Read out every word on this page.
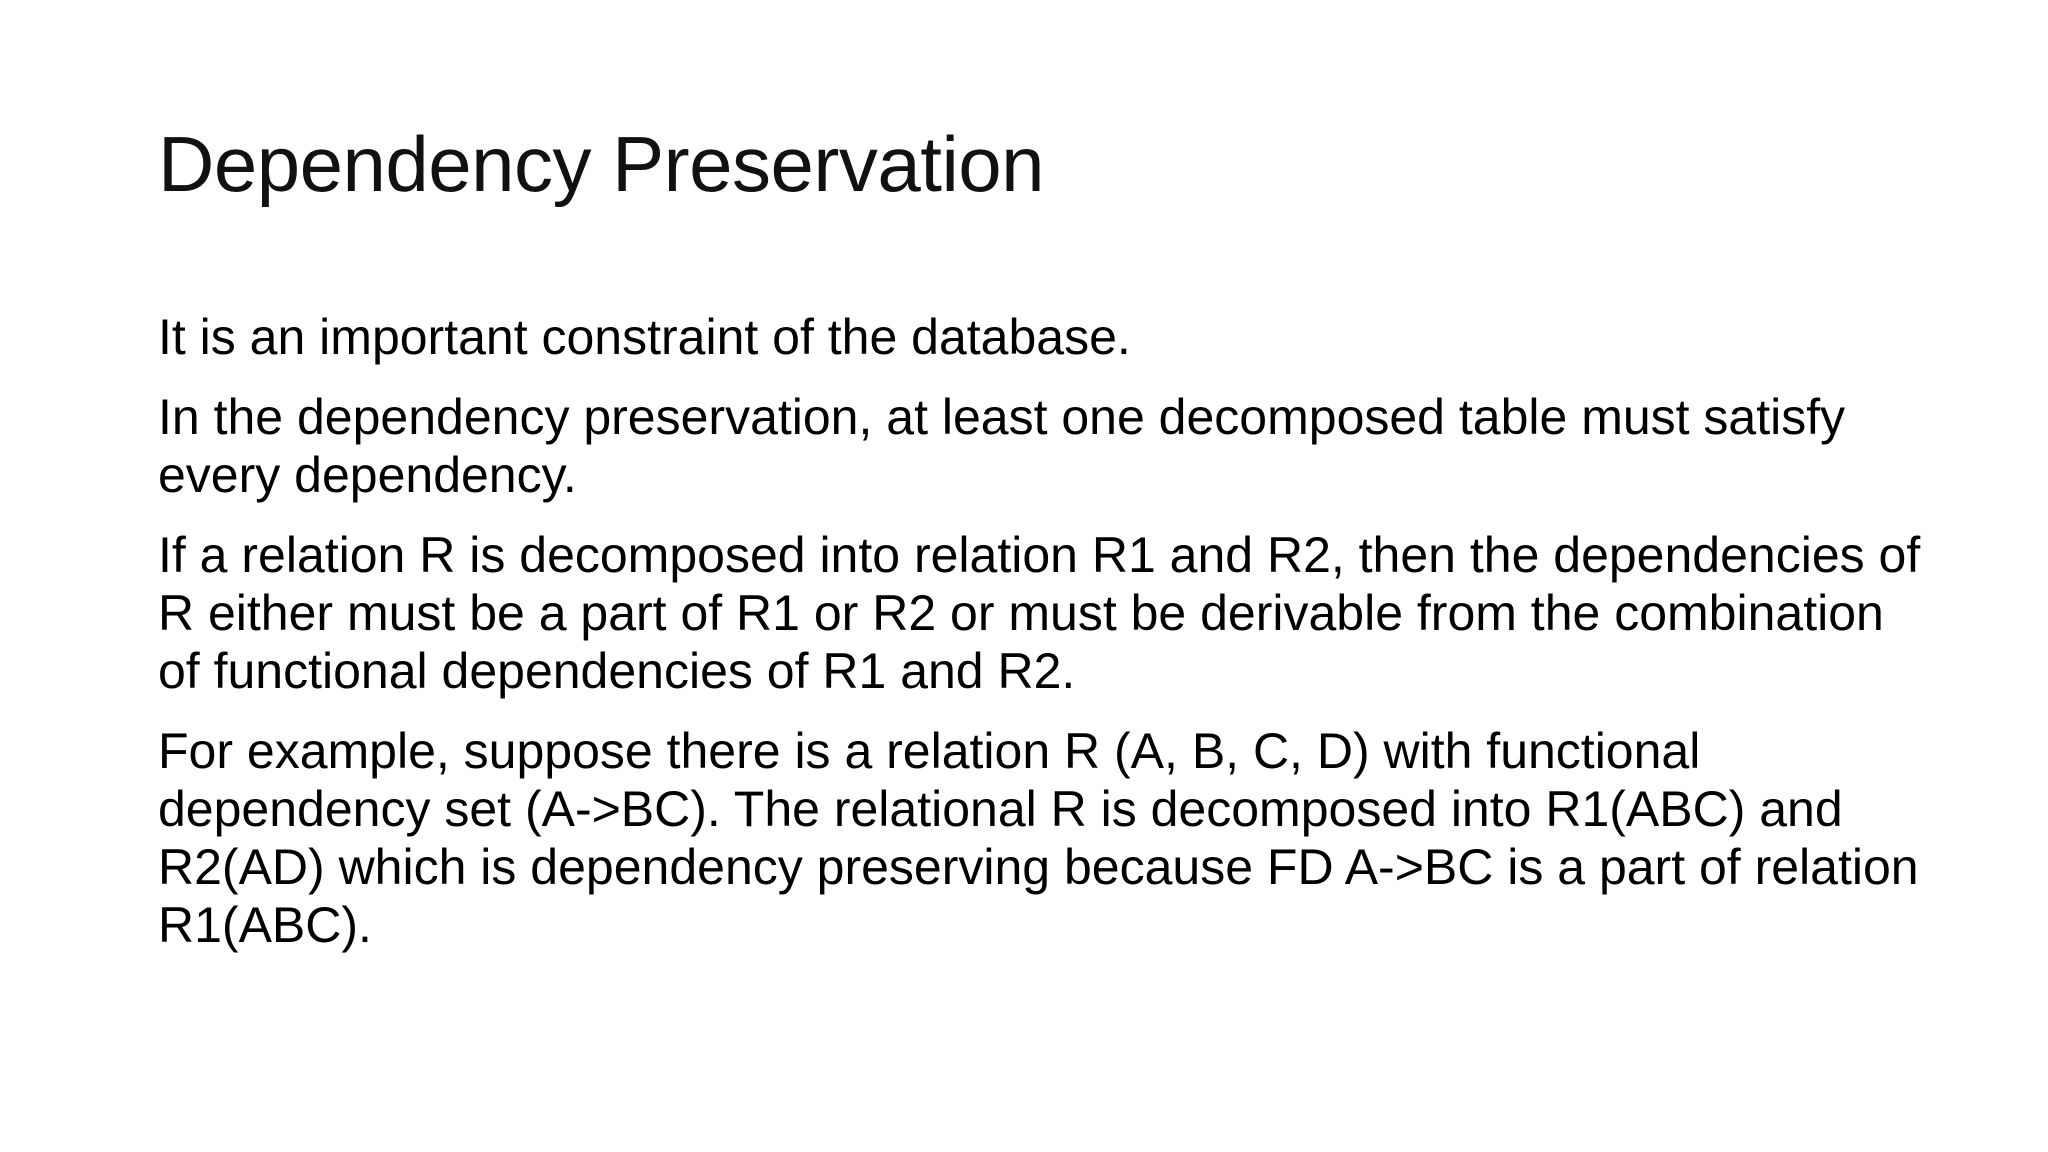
Dependency Preservation
It is an important constraint of the database.
In the dependency preservation, at least one decomposed table must satisfy every dependency.
If a relation R is decomposed into relation R1 and R2, then the dependencies of R either must be a part of R1 or R2 or must be derivable from the combination of functional dependencies of R1 and R2.
For example, suppose there is a relation R (A, B, C, D) with functional dependency set (A->BC). The relational R is decomposed into R1(ABC) and R2(AD) which is dependency preserving because FD A->BC is a part of relation R1(ABC).
